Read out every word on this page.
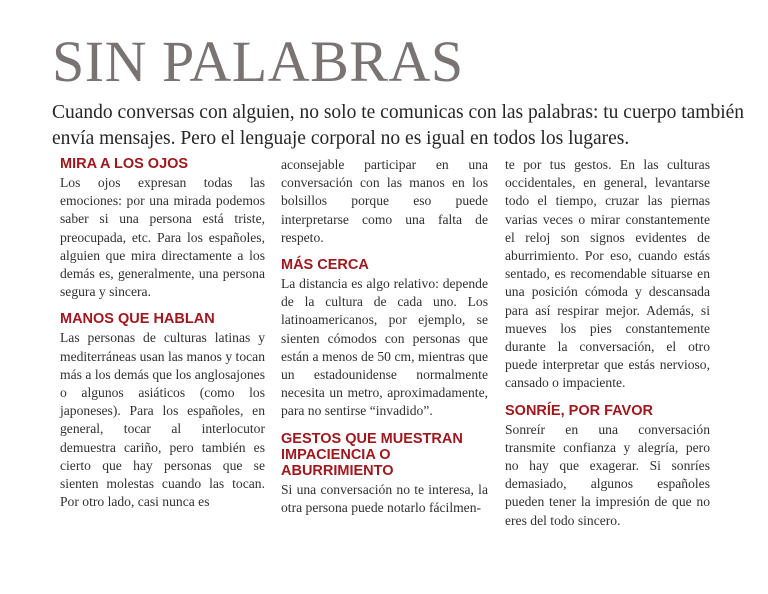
SIN PALABRAS

Cuando conversas con alguien, no solo te comunicas con las palabras: tu cuerpo también envía mensajes. Pero el lenguaje corporal no es igual en todos los lugares.

MIRA A LOS OJOS

Los ojos expresan todas las emociones: por una mirada podemos saber si una persona está triste, preocupada, etc. Para los españoles, alguien que mira directamente a los demás es, generalmente, una persona segura y sincera.

MANOS QUE HABLAN

Las personas de culturas latinas y mediterráneas usan las manos y tocan más a los demás que los anglosajones o algunos asiáticos (como los japoneses). Para los españoles, en general, tocar al interlocutor demuestra cariño, pero también es cierto que hay personas que se sienten molestas cuando las tocan. Por otro lado, casi nunca es

aconsejable participar en una conversación con las manos en los bolsillos porque eso puede interpretarse como una falta de respeto.

MÁS CERCA

La distancia es algo relativo: depende de la cultura de cada uno. Los latinoamericanos, por ejemplo, se sienten cómodos con personas que están a menos de 50 cm, mientras que un estadounidense normalmente necesita un metro, aproximadamente, para no sentirse “invadido”.

GESTOS QUE MUESTRAN IMPACIENCIA O ABURRIMIENTO

Si una conversación no te interesa, la otra persona puede notarlo fácilmen-

te por tus gestos. En las culturas occidentales, en general, levantarse todo el tiempo, cruzar las piernas varias veces o mirar constantemente el reloj son signos evidentes de aburrimiento. Por eso, cuando estás sentado, es recomendable situarse en una posición cómoda y descansada para así respirar mejor. Además, si mueves los pies constantemente durante la conversación, el otro puede interpretar que estás nervioso, cansado o impaciente.

SONRÍE, POR FAVOR

Sonreír en una conversación transmite confianza y alegría, pero no hay que exagerar. Si sonríes demasiado, algunos españoles pueden tener la impresión de que no eres del todo sincero.
